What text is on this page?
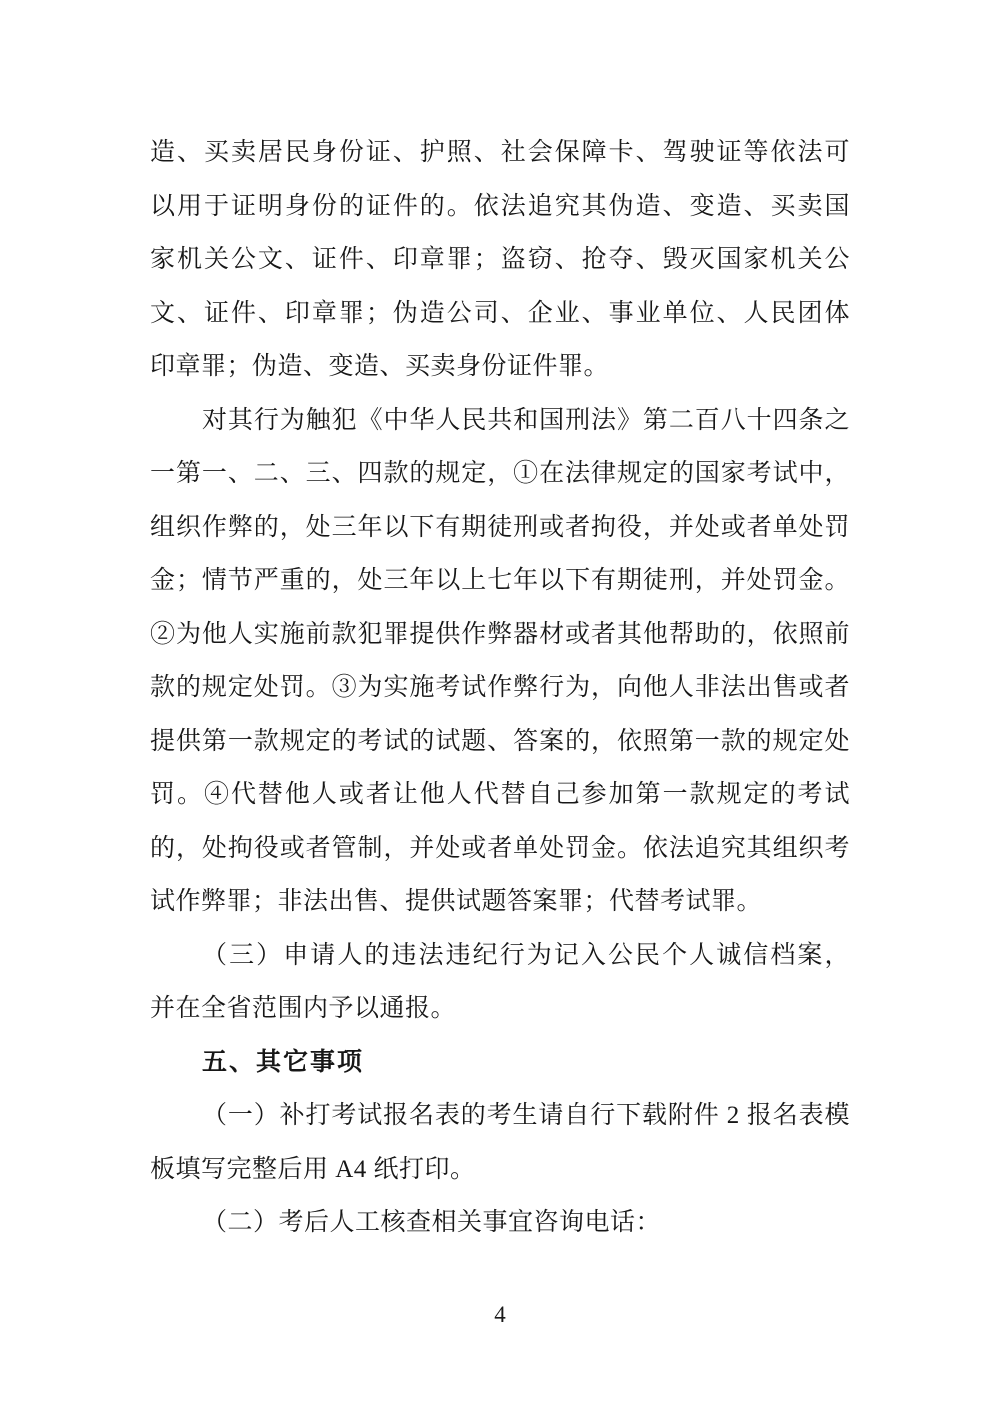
造、买卖居民身份证、护照、社会保障卡、驾驶证等依法可
以用于证明身份的证件的。依法追究其伪造、变造、买卖国
家机关公文、证件、印章罪；盗窃、抢夺、毁灭国家机关公
文、证件、印章罪；伪造公司、企业、事业单位、人民团体
印章罪；伪造、变造、买卖身份证件罪。
对其行为触犯《中华人民共和国刑法》第二百八十四条之
一第一、二、三、四款的规定，①在法律规定的国家考试中，
组织作弊的，处三年以下有期徒刑或者拘役，并处或者单处罚
金；情节严重的，处三年以上七年以下有期徒刑，并处罚金。
②为他人实施前款犯罪提供作弊器材或者其他帮助的，依照前
款的规定处罚。③为实施考试作弊行为，向他人非法出售或者
提供第一款规定的考试的试题、答案的，依照第一款的规定处
罚。④代替他人或者让他人代替自己参加第一款规定的考试
的，处拘役或者管制，并处或者单处罚金。依法追究其组织考
试作弊罪；非法出售、提供试题答案罪；代替考试罪。
（三）申请人的违法违纪行为记入公民个人诚信档案，
并在全省范围内予以通报。
五、其它事项
（一）补打考试报名表的考生请自行下载附件 2 报名表模
板填写完整后用 A4 纸打印。
（二）考后人工核查相关事宜咨询电话：
4
